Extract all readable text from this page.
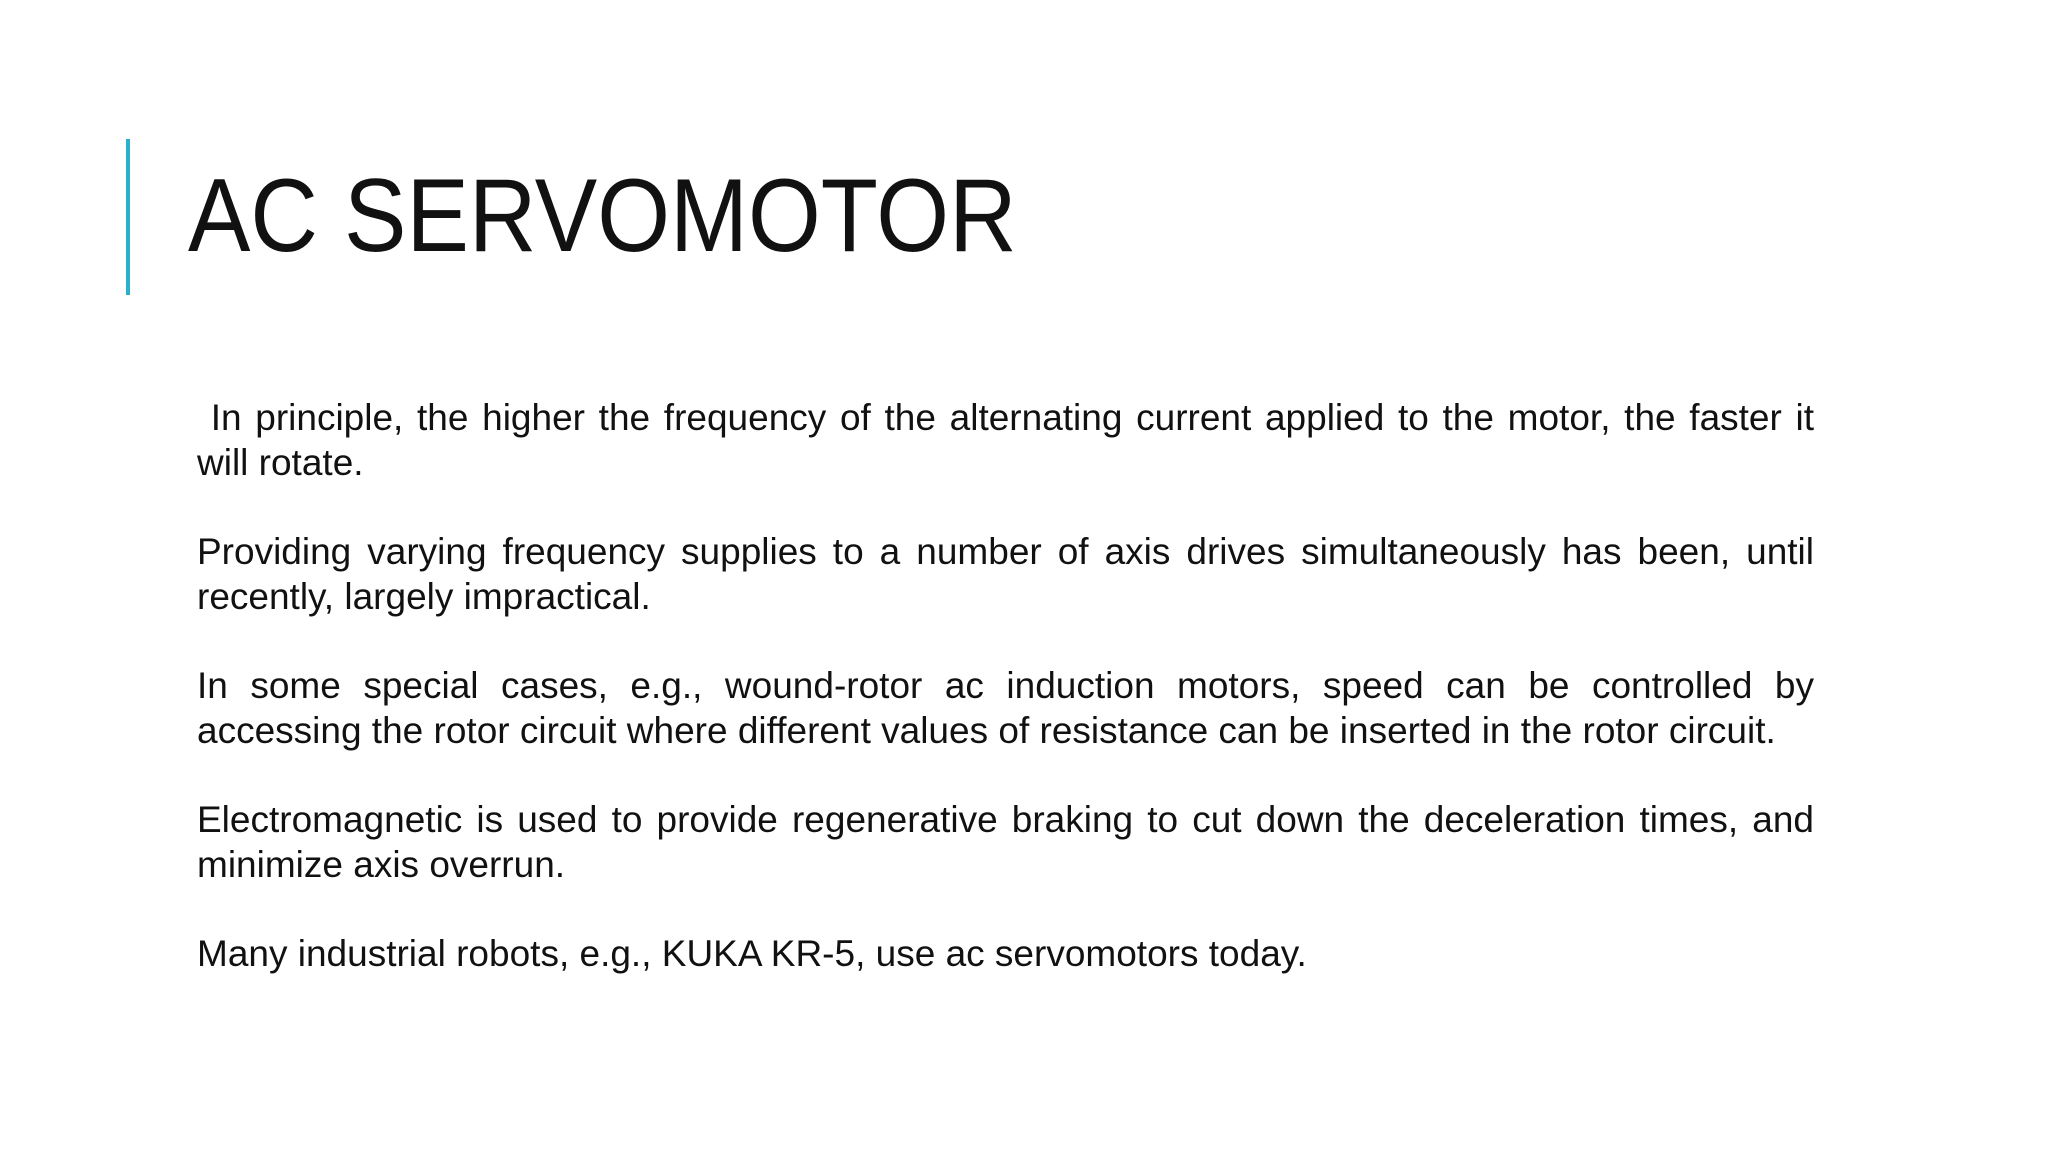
AC SERVOMOTOR

In principle, the higher the frequency of the alternating current applied to the motor, the faster it will rotate.

Providing varying frequency supplies to a number of axis drives simultaneously has been, until recently, largely impractical.

In some special cases, e.g., wound-rotor ac induction motors, speed can be controlled by accessing the rotor circuit where different values of resistance can be inserted in the rotor circuit.

Electromagnetic is used to provide regenerative braking to cut down the deceleration times, and minimize axis overrun.

Many industrial robots, e.g., KUKA KR-5, use ac servomotors today.
